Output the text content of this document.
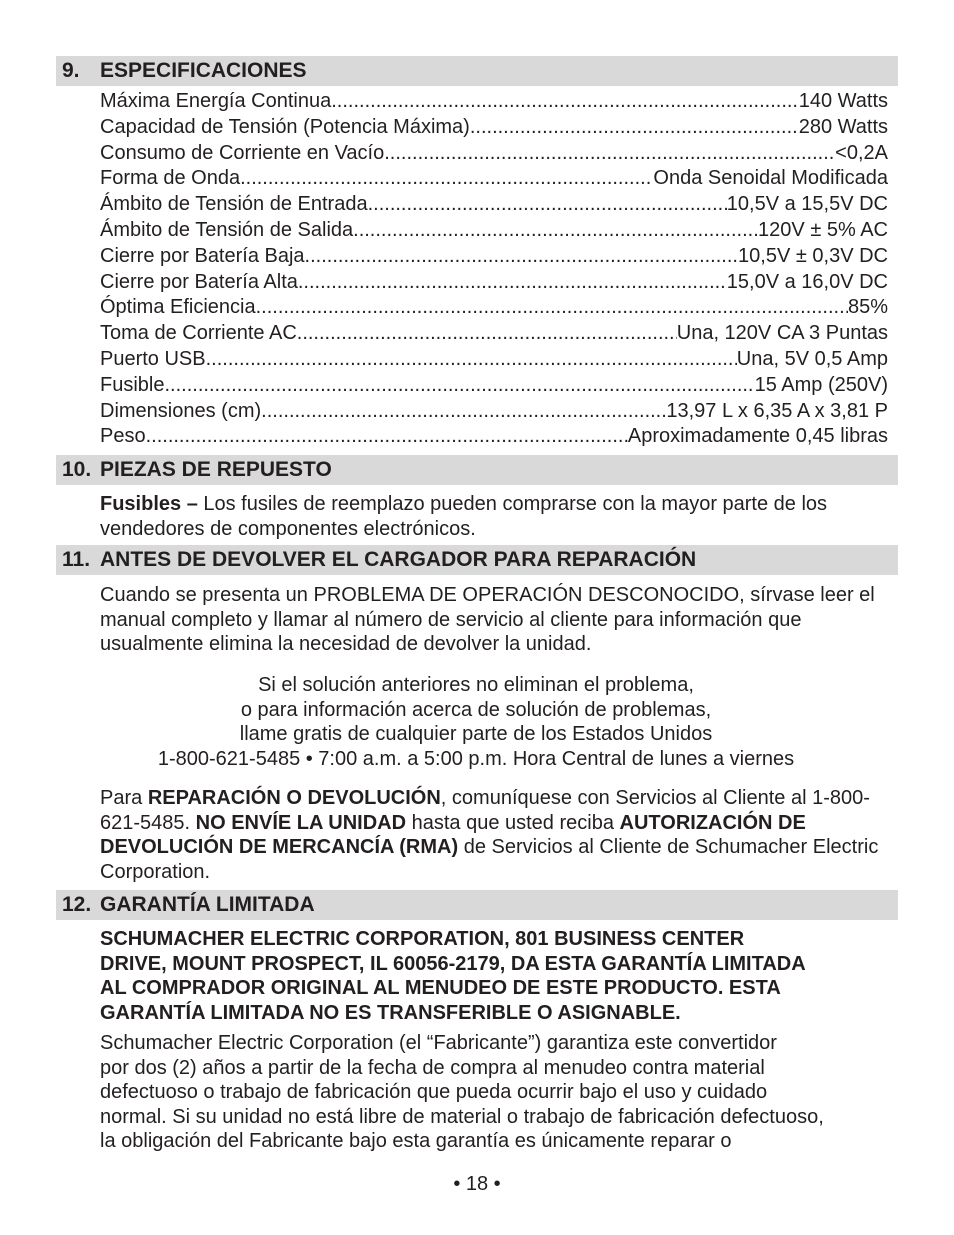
9. ESPECIFICACIONES
Máxima Energía Continua .....	140 Watts
Capacidad de Tensión (Potencia Máxima) .....	280 Watts
Consumo de Corriente en Vacío .....	<0,2A
Forma de Onda .....	Onda Senoidal Modificada
Ámbito de Tensión de Entrada .....	10,5V a 15,5V DC
Ámbito de Tensión de Salida .....	120V ± 5% AC
Cierre por Batería Baja .....	10,5V ± 0,3V DC
Cierre por Batería Alta .....	15,0V a 16,0V DC
Óptima Eficiencia .....	85%
Toma de Corriente AC .....	Una, 120V CA 3 Puntas
Puerto USB .....	Una, 5V 0,5 Amp
Fusible .....	15 Amp (250V)
Dimensiones (cm) .....	13,97 L x 6,35 A x 3,81 P
Peso .....	Aproximadamente 0,45 libras
10. PIEZAS DE REPUESTO
Fusibles – Los fusiles de reemplazo pueden comprarse con la mayor parte de los vendedores de componentes electrónicos.
11. ANTES DE DEVOLVER EL CARGADOR PARA REPARACIÓN
Cuando se presenta un PROBLEMA DE OPERACIÓN DESCONOCIDO, sírvase leer el manual completo y llamar al número de servicio al cliente para información que usualmente elimina la necesidad de devolver la unidad.
Si el solución anteriores no eliminan el problema,
o para información acerca de solución de problemas,
llame gratis de cualquier parte de los Estados Unidos
1-800-621-5485 • 7:00 a.m. a 5:00 p.m. Hora Central de lunes a viernes
Para REPARACIÓN O DEVOLUCIÓN, comuníquese con Servicios al Cliente al 1-800-621-5485. NO ENVÍE LA UNIDAD hasta que usted reciba AUTORIZACIÓN DE DEVOLUCIÓN DE MERCANCÍA (RMA) de Servicios al Cliente de Schumacher Electric Corporation.
12. GARANTÍA LIMITADA
SCHUMACHER ELECTRIC CORPORATION, 801 BUSINESS CENTER
DRIVE, MOUNT PROSPECT, IL 60056-2179, DA ESTA GARANTÍA LIMITADA
AL COMPRADOR ORIGINAL AL MENUDEO DE ESTE PRODUCTO. ESTA
GARANTÍA LIMITADA NO ES TRANSFERIBLE O ASIGNABLE.
Schumacher Electric Corporation (el “Fabricante”) garantiza este convertidor
por dos (2) años a partir de la fecha de compra al menudeo contra material
defectuoso o trabajo de fabricación que pueda ocurrir bajo el uso y cuidado
normal. Si su unidad no está libre de material o trabajo de fabricación defectuoso,
la obligación del Fabricante bajo esta garantía es únicamente reparar o
• 18 •
